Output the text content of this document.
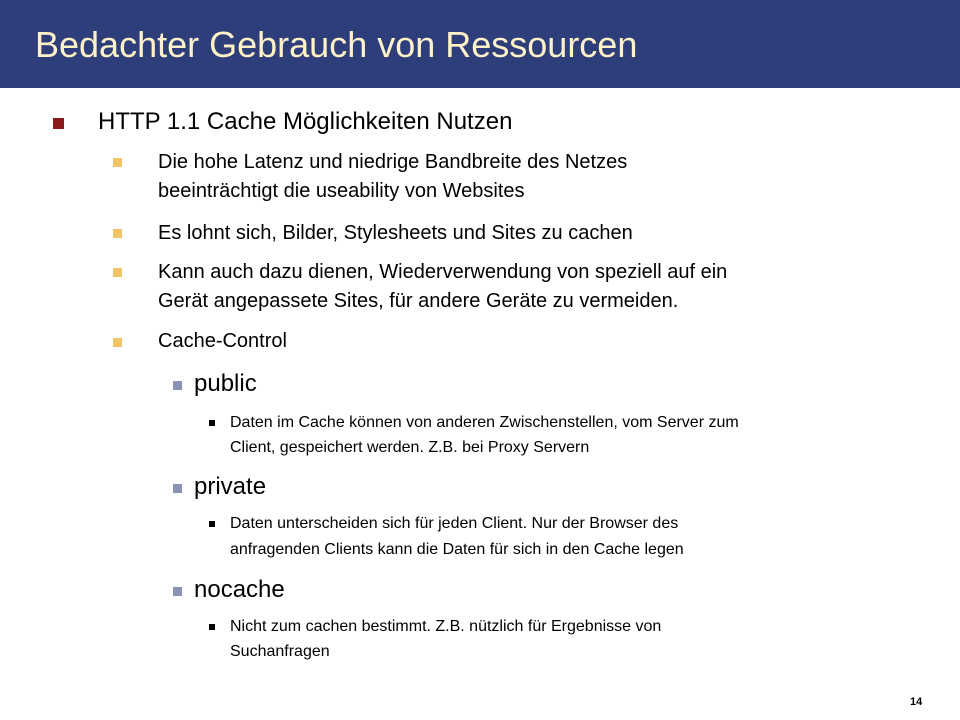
Bedachter Gebrauch von Ressourcen
HTTP 1.1 Cache Möglichkeiten Nutzen
Die hohe Latenz und niedrige Bandbreite des Netzes
beeinträchtigt die useability von Websites
Es lohnt sich, Bilder, Stylesheets und Sites zu cachen
Kann auch dazu dienen, Wiederverwendung von speziell auf ein
Gerät angepassete Sites, für andere Geräte zu vermeiden.
Cache-Control
public
Daten im Cache können von anderen Zwischenstellen, vom Server zum
Client, gespeichert werden. Z.B. bei Proxy Servern
private
Daten unterscheiden sich für jeden Client. Nur der Browser des
anfragenden Clients kann die Daten für sich in den Cache legen
nocache
Nicht zum cachen bestimmt. Z.B. nützlich für Ergebnisse von
Suchanfragen
14
